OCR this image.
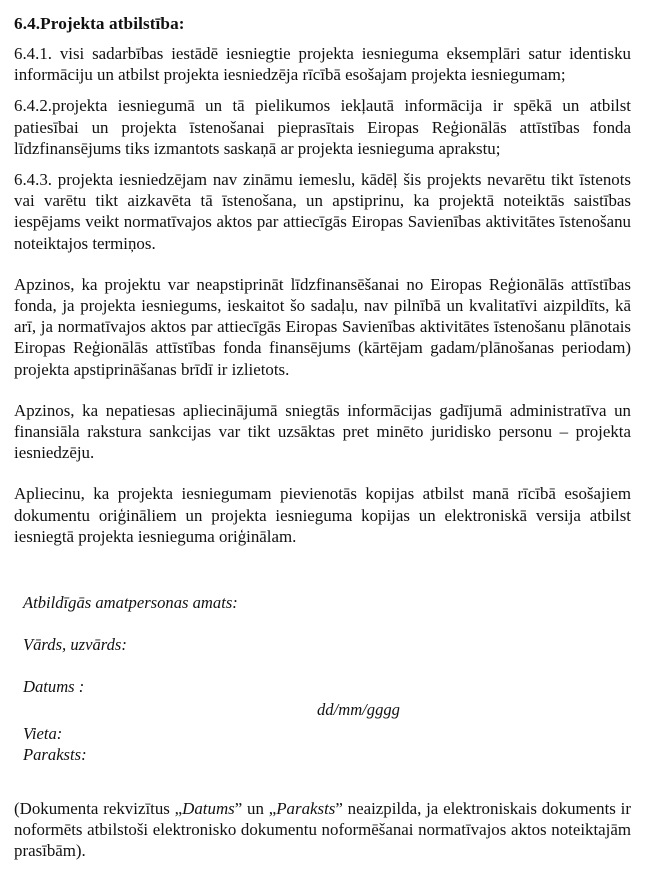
6.4.Projekta atbilstība:

6.4.1. visi sadarbības iestādē iesniegtie projekta iesnieguma eksemplāri satur identisku informāciju un atbilst projekta iesniedzēja rīcībā esošajam projekta iesniegumam;

6.4.2.projekta iesniegumā un tā pielikumos iekļautā informācija ir spēkā un atbilst patiesībai un projekta īstenošanai pieprasītais Eiropas Reģionālās attīstības fonda līdzfinansējums tiks izmantots saskaņā ar projekta iesnieguma aprakstu;

6.4.3. projekta iesniedzējam nav zināmu iemeslu, kādēļ šis projekts nevarētu tikt īstenots vai varētu tikt aizkavēta tā īstenošana, un apstiprinu, ka projektā noteiktās saistības iespējams veikt normatīvajos aktos par attiecīgās Eiropas Savienības aktivitātes īstenošanu noteiktajos termiņos.

Apzinos, ka projektu var neapstiprināt līdzfinansēšanai no Eiropas Reģionālās attīstības fonda, ja projekta iesniegums, ieskaitot šo sadaļu, nav pilnībā un kvalitatīvi aizpildīts, kā arī, ja normatīvajos aktos par attiecīgās Eiropas Savienības aktivitātes īstenošanu plānotais Eiropas Reģionālās attīstības fonda finansējums (kārtējam gadam/plānošanas periodam) projekta apstiprināšanas brīdī ir izlietots.

Apzinos, ka nepatiesas apliecinājumā sniegtās informācijas gadījumā administratīva un finansiāla rakstura sankcijas var tikt uzsāktas pret minēto juridisko personu – projekta iesniedzēju.

Apliecinu, ka projekta iesniegumam pievienotās kopijas atbilst manā rīcībā esošajiem dokumentu oriģināliem un projekta iesnieguma kopijas un elektroniskā versija atbilst iesniegtā projekta iesnieguma oriģinālam.

Atbildīgās amatpersonas amats:

Vārds, uzvārds:

Datums :

dd/mm/gggg

Vieta:

Paraksts:

(Dokumenta rekvizītus „Datums” un „Paraksts” neaizpilda, ja elektroniskais dokuments ir noformēts atbilstoši elektronisko dokumentu noformēšanai normatīvajos aktos noteiktajām prasībām).
